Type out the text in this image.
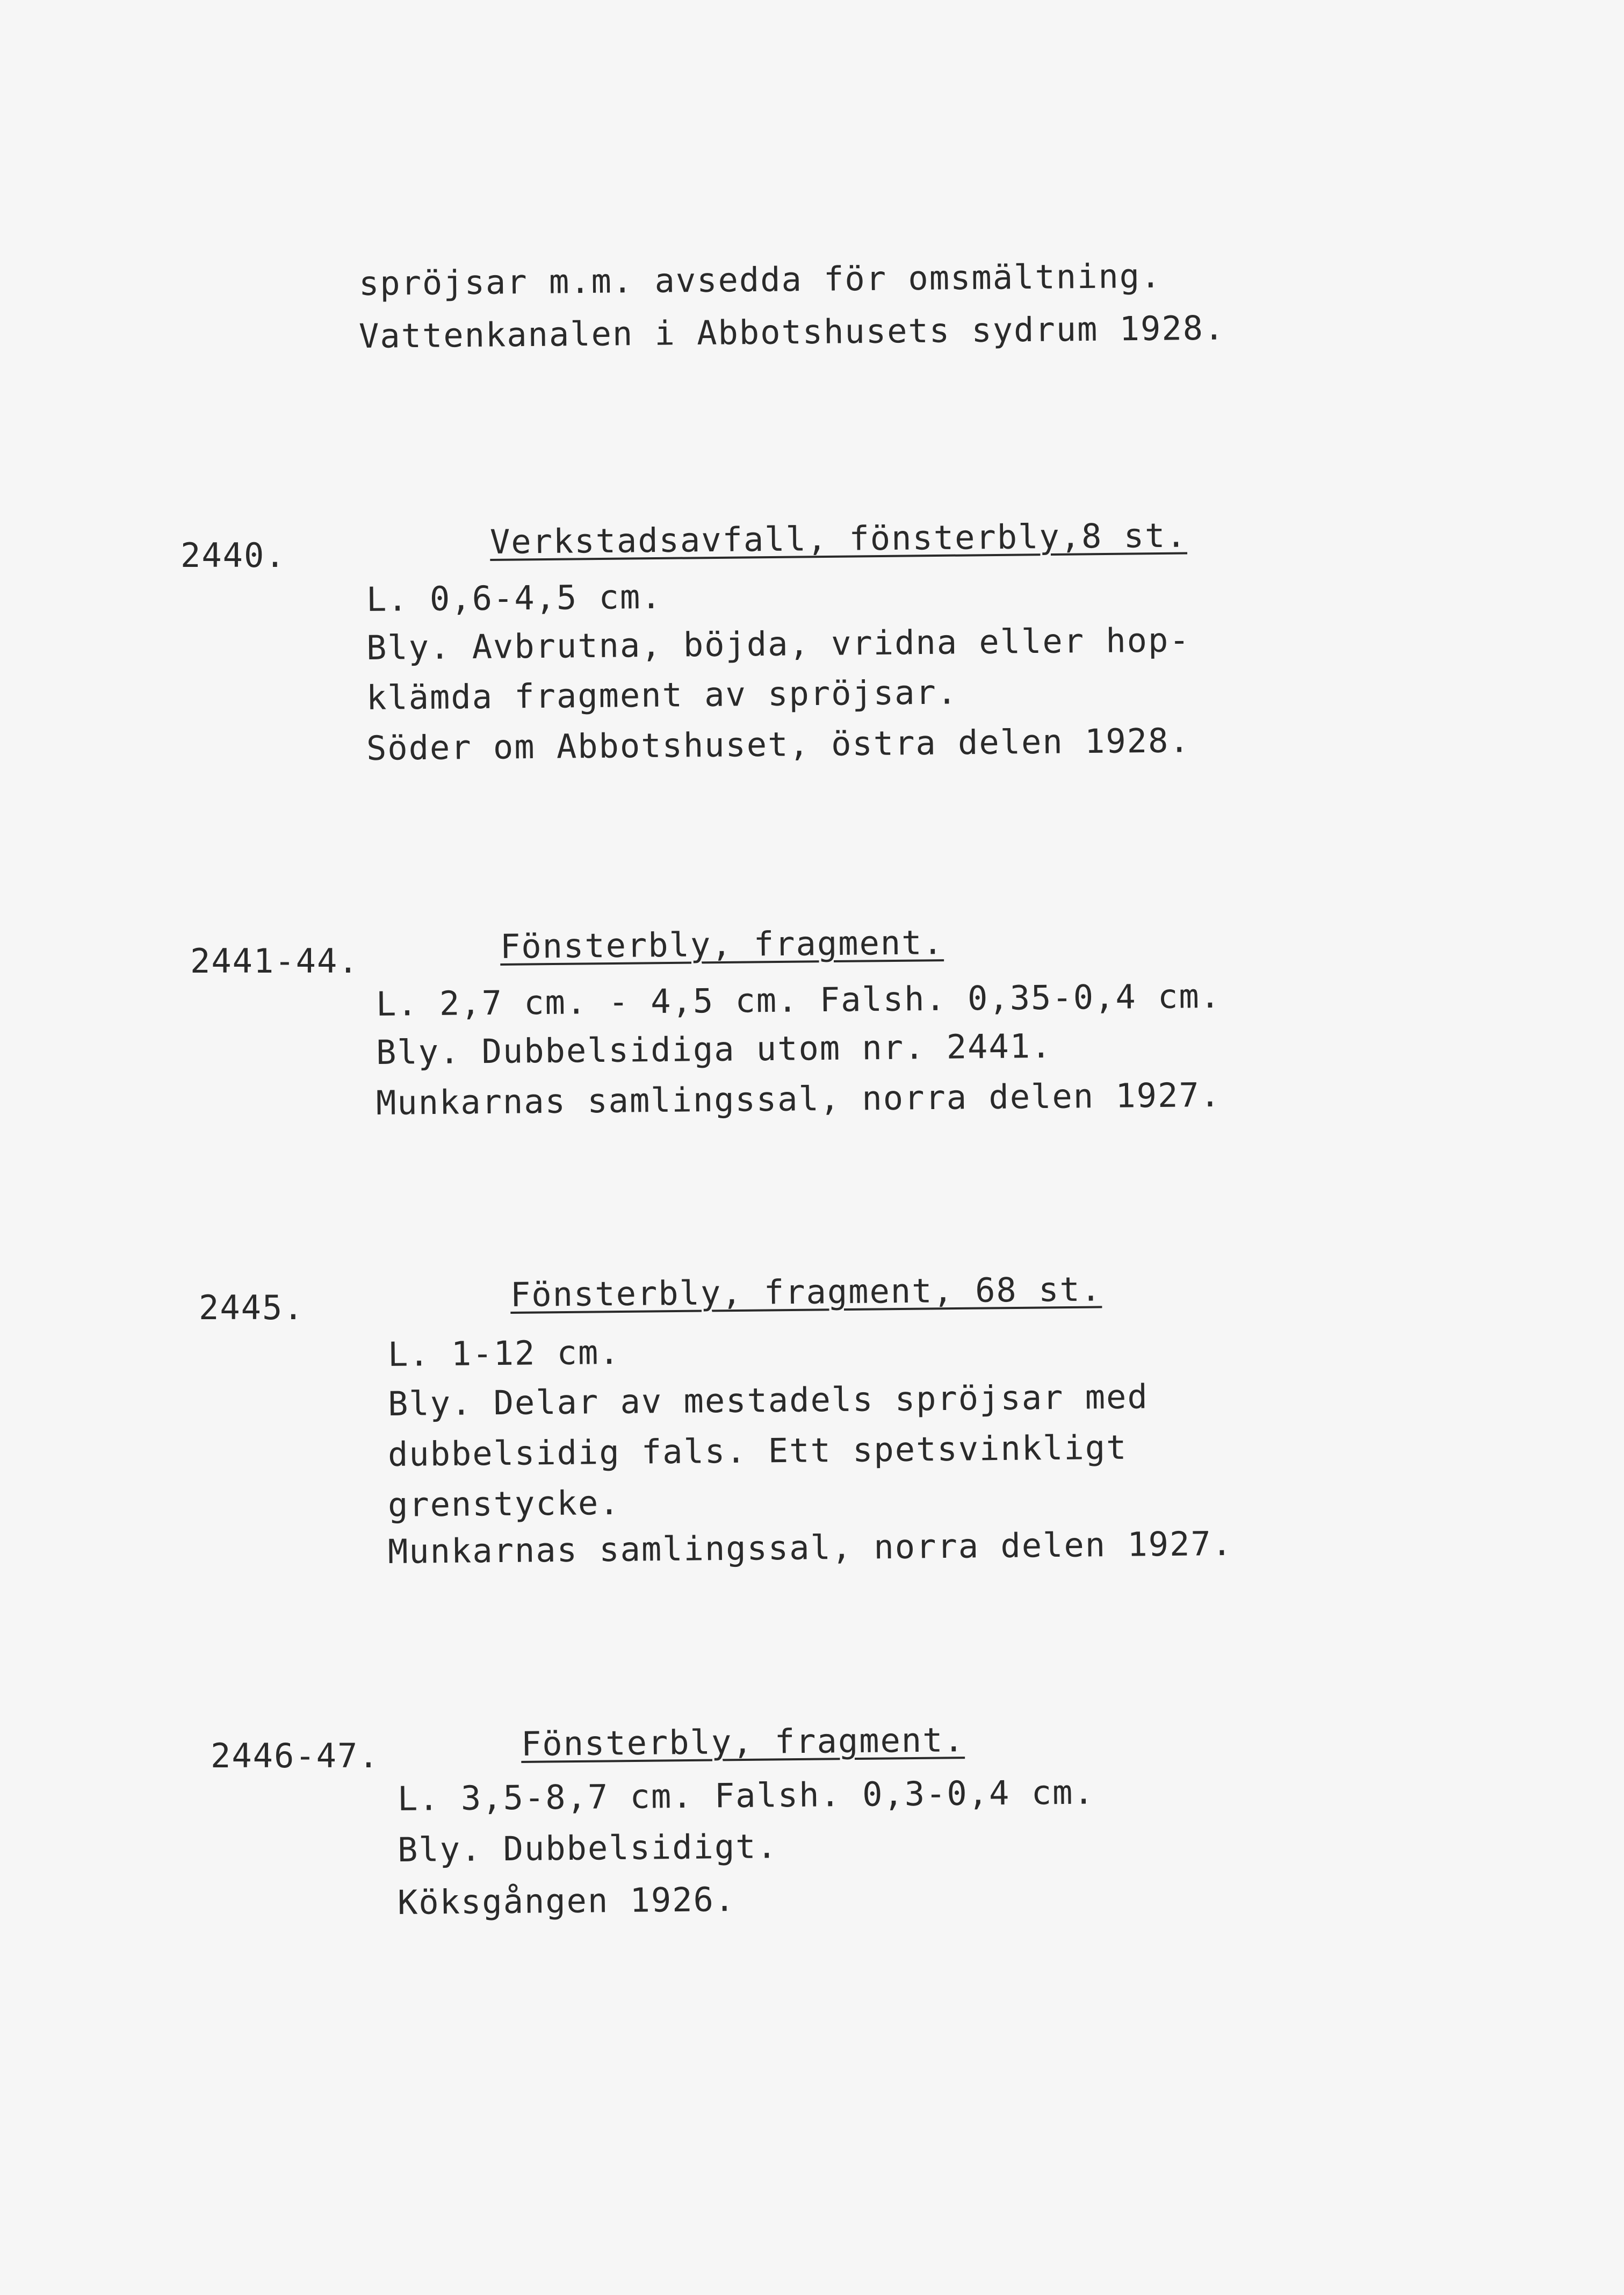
spröjsar m.m. avsedda för omsmältning.
Vattenkanalen i Abbotshusets sydrum 1928.
2440.	Verkstadsavfall, fönsterbly,8 st.
L. 0,6-4,5 cm.
Bly. Avbrutna, böjda, vridna eller hop-
klämda fragment av spröjsar.
Söder om Abbotshuset, östra delen 1928.
2441-44.	Fönsterbly, fragment.
L. 2,7 cm. - 4,5 cm. Falsh. 0,35-0,4 cm.
Bly. Dubbelsidiga utom nr. 2441.
Munkarnas samlingssal, norra delen 1927.
2445.	Fönsterbly, fragment, 68 st.
L. 1-12 cm.
Bly. Delar av mestadels spröjsar med
dubbelsidig fals. Ett spetsvinkligt
grenstycke.
Munkarnas samlingssal, norra delen 1927.
2446-47.	Fönsterbly, fragment.
L. 3,5-8,7 cm. Falsh. 0,3-0,4 cm.
Bly. Dubbelsidigt.
Köksgången 1926.
